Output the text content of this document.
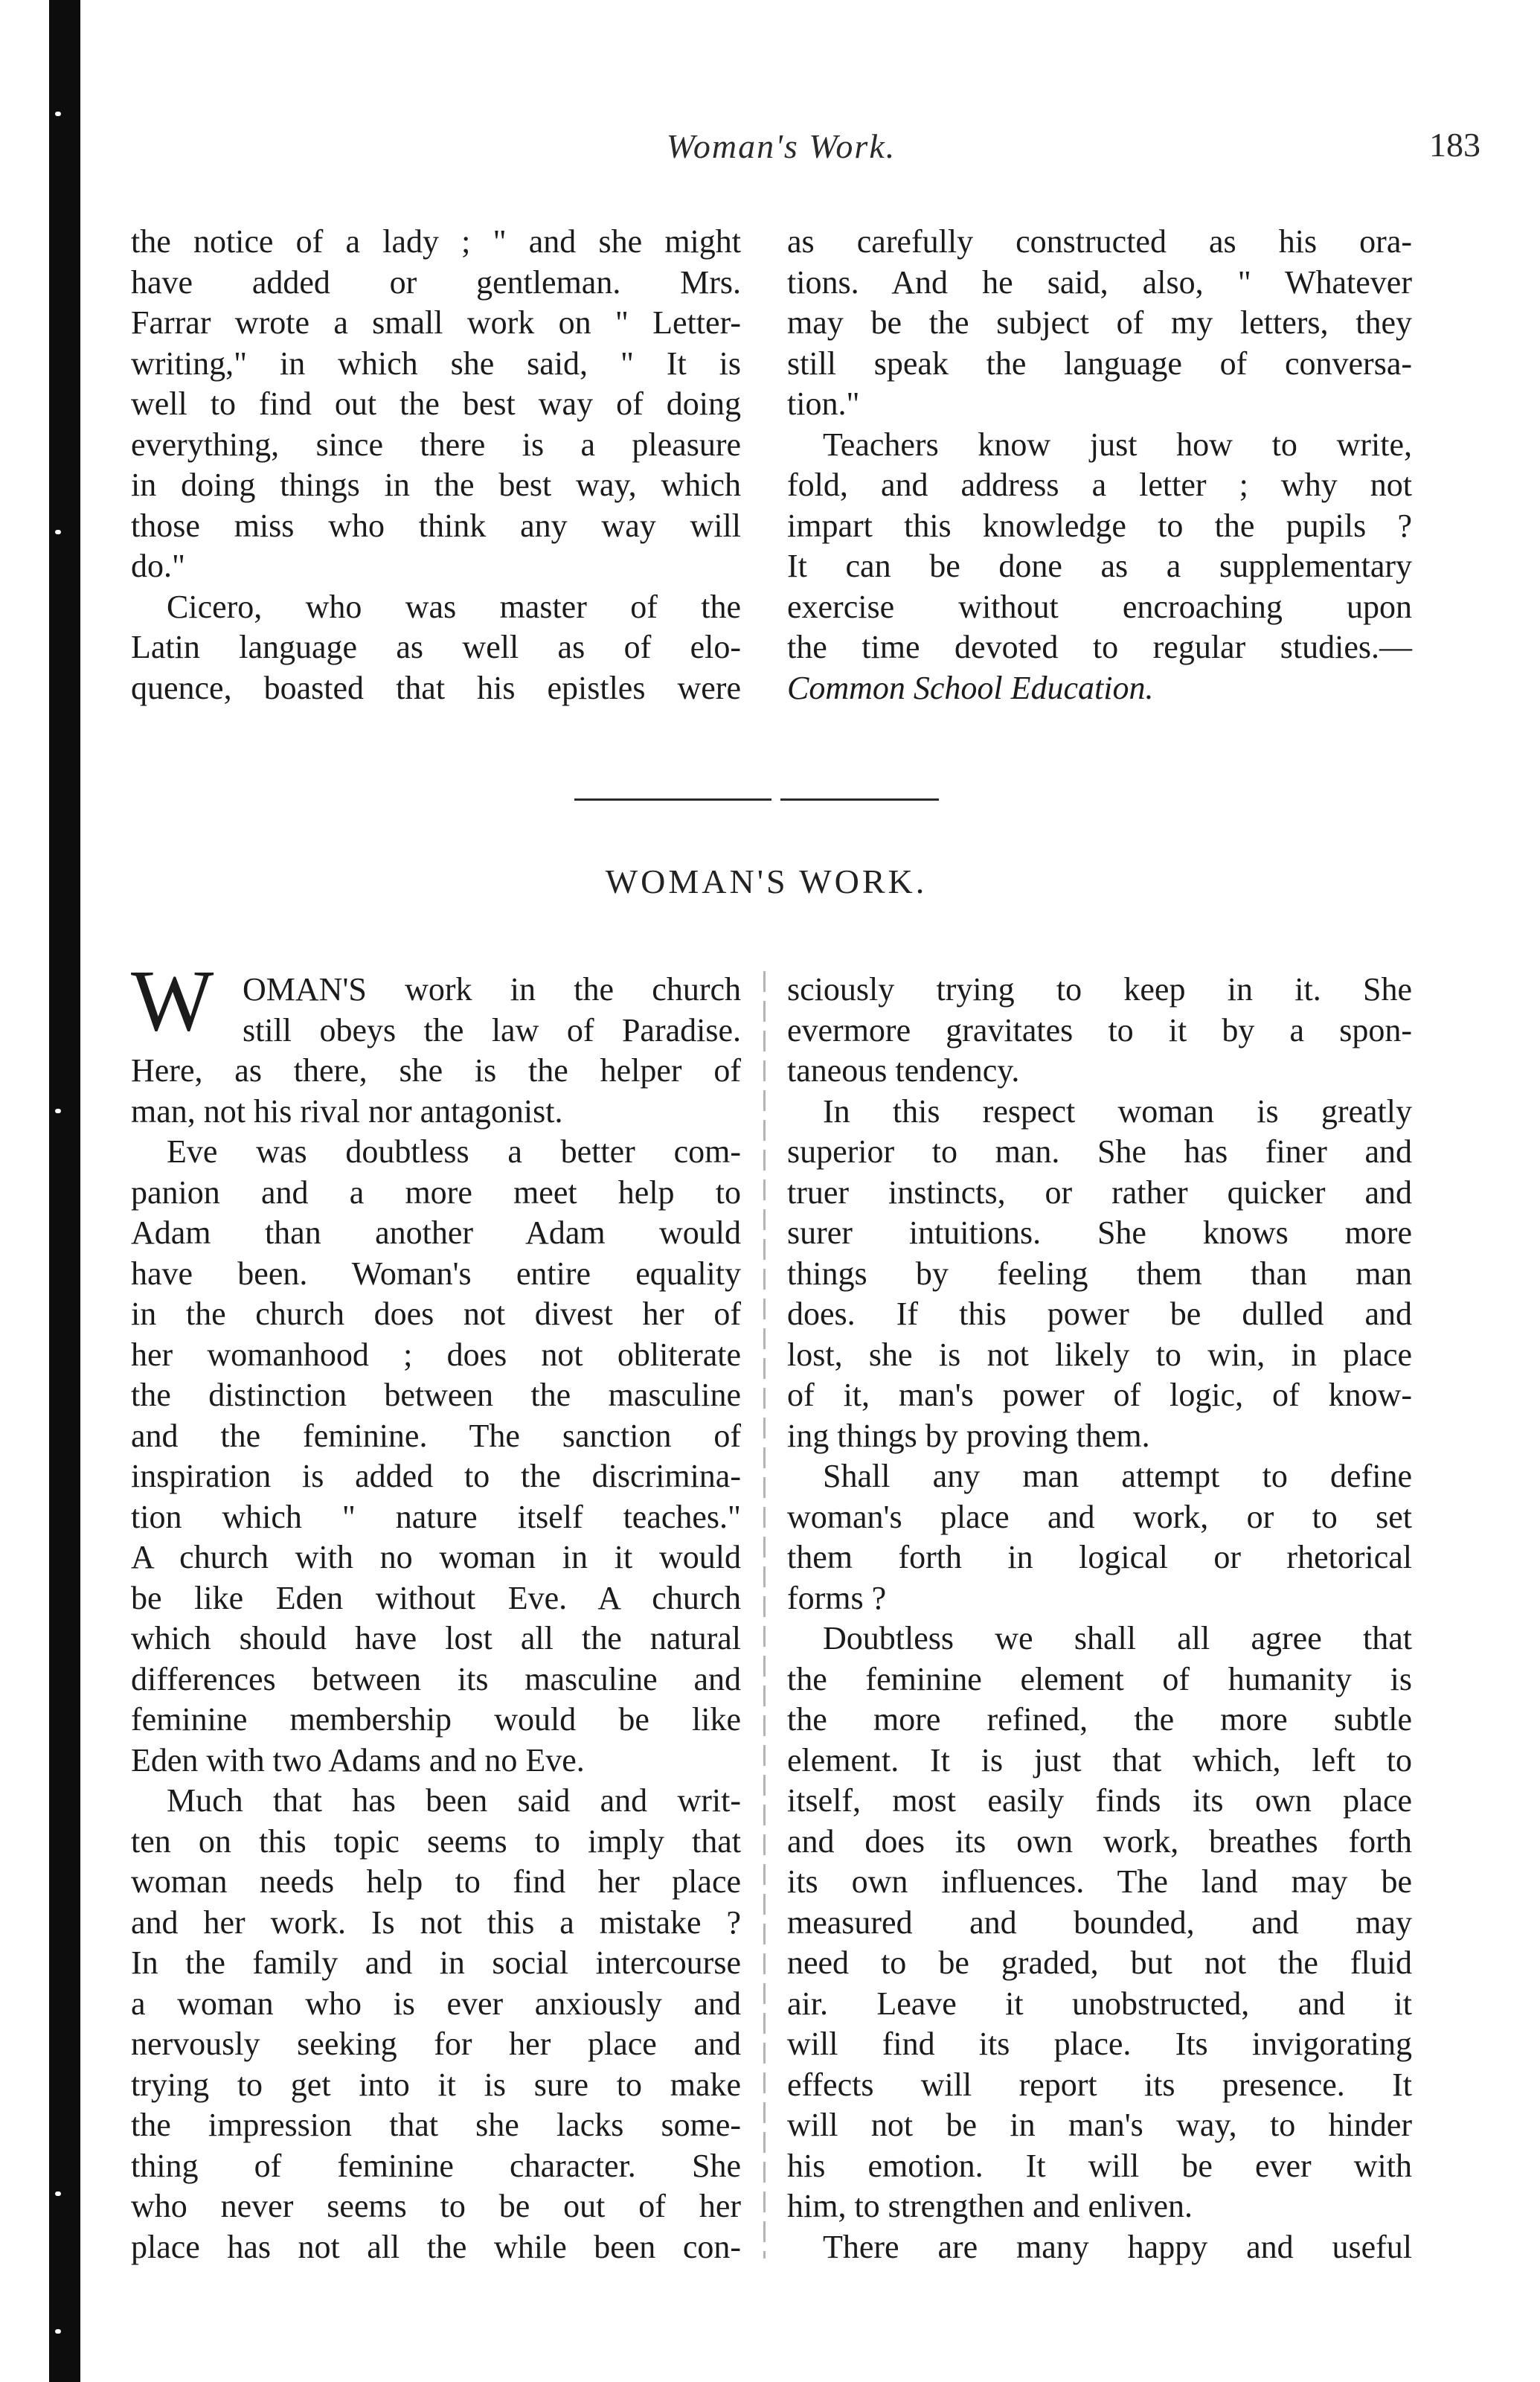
Woman's Work.	183
the notice of a lady ; " and she might
have added or gentleman. Mrs.
Farrar wrote a small work on " Letter-
writing," in which she said, " It is
well to find out the best way of doing
everything, since there is a pleasure
in doing things in the best way, which
those miss who think any way will
do."
Cicero, who was master of the
Latin language as well as of elo-
quence, boasted that his epistles were
as carefully constructed as his ora-
tions. And he said, also, " Whatever
may be the subject of my letters, they
still speak the language of conversa-
tion."
Teachers know just how to write,
fold, and address a letter ; why not
impart this knowledge to the pupils ?
It can be done as a supplementary
exercise without encroaching upon
the time devoted to regular studies.—
Common School Education.
WOMAN'S WORK.
W OMAN'S work in the church
still obeys the law of Paradise.
Here, as there, she is the helper of
man, not his rival nor antagonist.
Eve was doubtless a better com-
panion and a more meet help to
Adam than another Adam would
have been. Woman's entire equality
in the church does not divest her of
her womanhood ; does not obliterate
the distinction between the masculine
and the feminine. The sanction of
inspiration is added to the discrimina-
tion which " nature itself teaches."
A church with no woman in it would
be like Eden without Eve. A church
which should have lost all the natural
differences between its masculine and
feminine membership would be like
Eden with two Adams and no Eve.
Much that has been said and writ-
ten on this topic seems to imply that
woman needs help to find her place
and her work. Is not this a mistake ?
In the family and in social intercourse
a woman who is ever anxiously and
nervously seeking for her place and
trying to get into it is sure to make
the impression that she lacks some-
thing of feminine character. She
who never seems to be out of her
place has not all the while been con-
sciously trying to keep in it. She
evermore gravitates to it by a spon-
taneous tendency.
In this respect woman is greatly
superior to man. She has finer and
truer instincts, or rather quicker and
surer intuitions. She knows more
things by feeling them than man
does. If this power be dulled and
lost, she is not likely to win, in place
of it, man's power of logic, of know-
ing things by proving them.
Shall any man attempt to define
woman's place and work, or to set
them forth in logical or rhetorical
forms ?
Doubtless we shall all agree that
the feminine element of humanity is
the more refined, the more subtle
element. It is just that which, left to
itself, most easily finds its own place
and does its own work, breathes forth
its own influences. The land may be
measured and bounded, and may
need to be graded, but not the fluid
air. Leave it unobstructed, and it
will find its place. Its invigorating
effects will report its presence. It
will not be in man's way, to hinder
his emotion. It will be ever with
him, to strengthen and enliven.
There are many happy and useful
